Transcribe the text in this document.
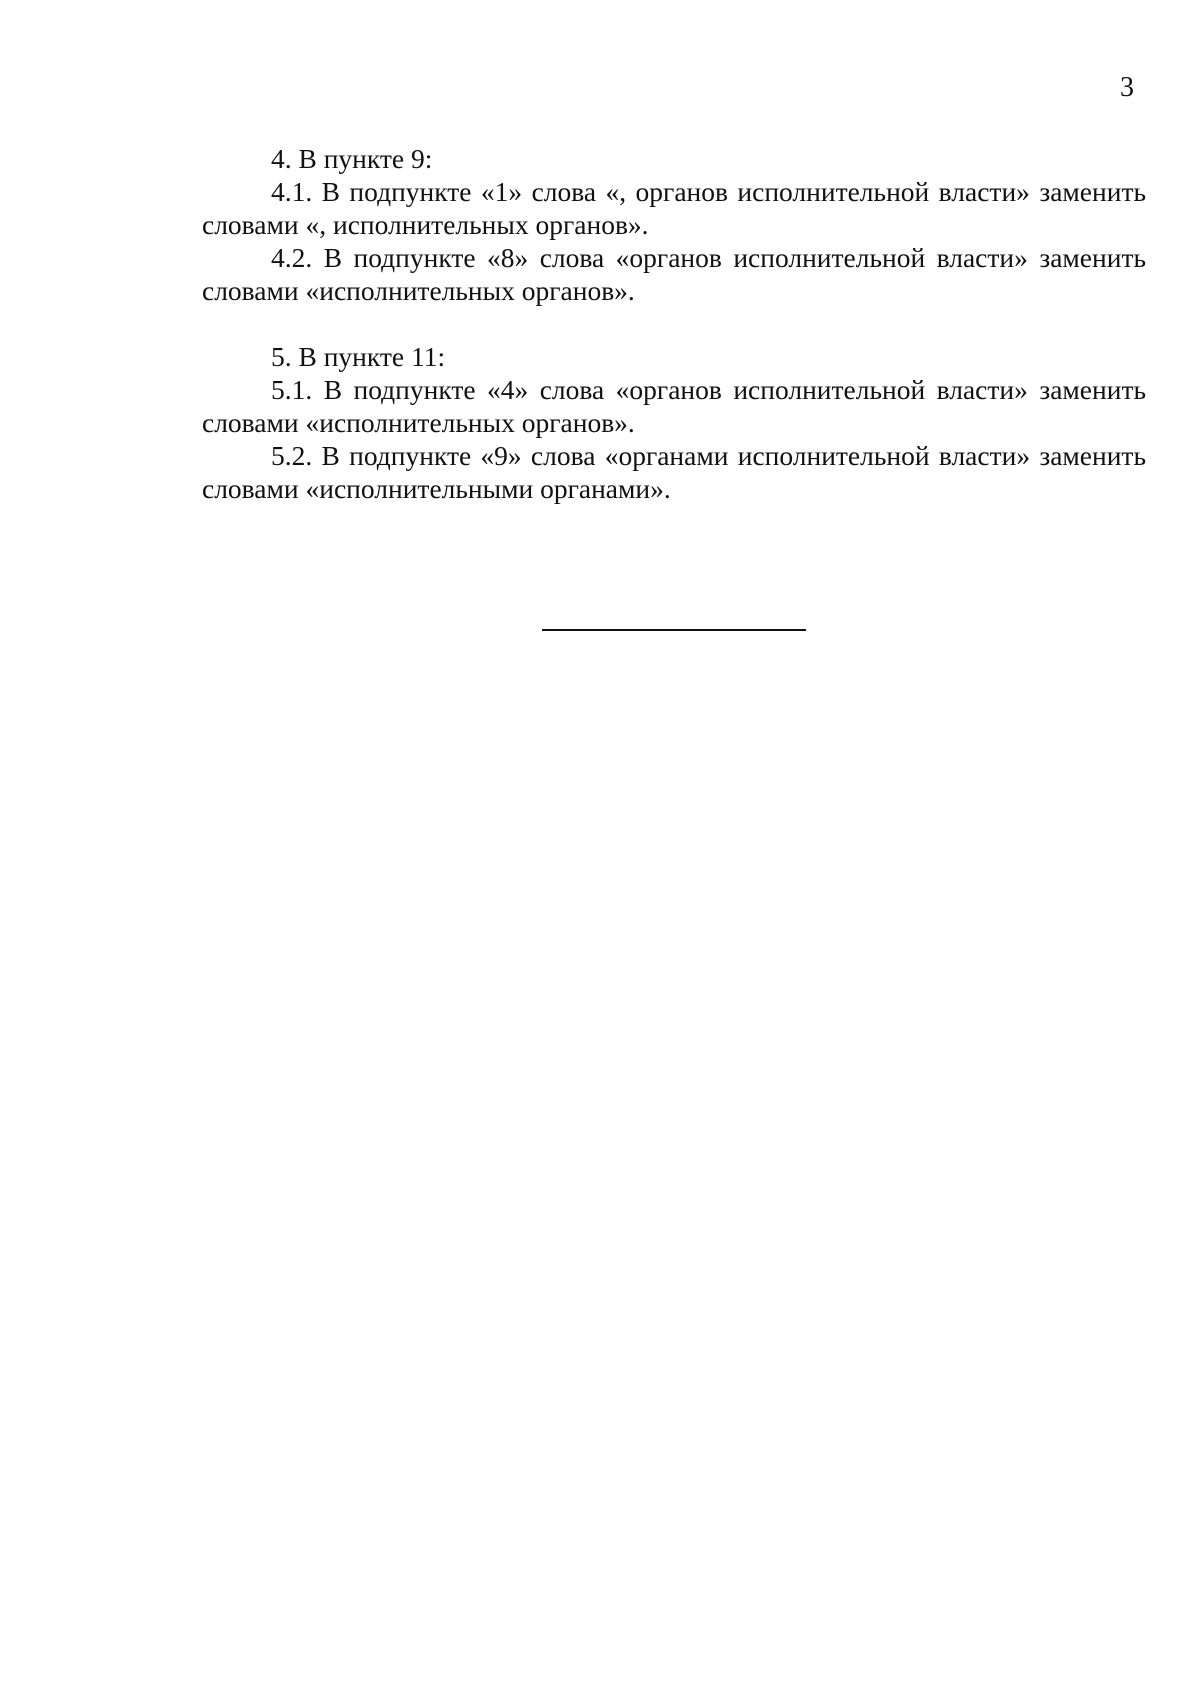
3

4. В пункте 9:

4.1. В подпункте «1» слова «, органов исполнительной власти» заменить словами «, исполнительных органов».

4.2. В подпункте «8» слова «органов исполнительной власти» заменить словами «исполнительных органов».

5. В пункте 11:

5.1. В подпункте «4» слова «органов исполнительной власти» заменить словами «исполнительных органов».

5.2. В подпункте «9» слова «органами исполнительной власти» заменить словами «исполнительными органами».
